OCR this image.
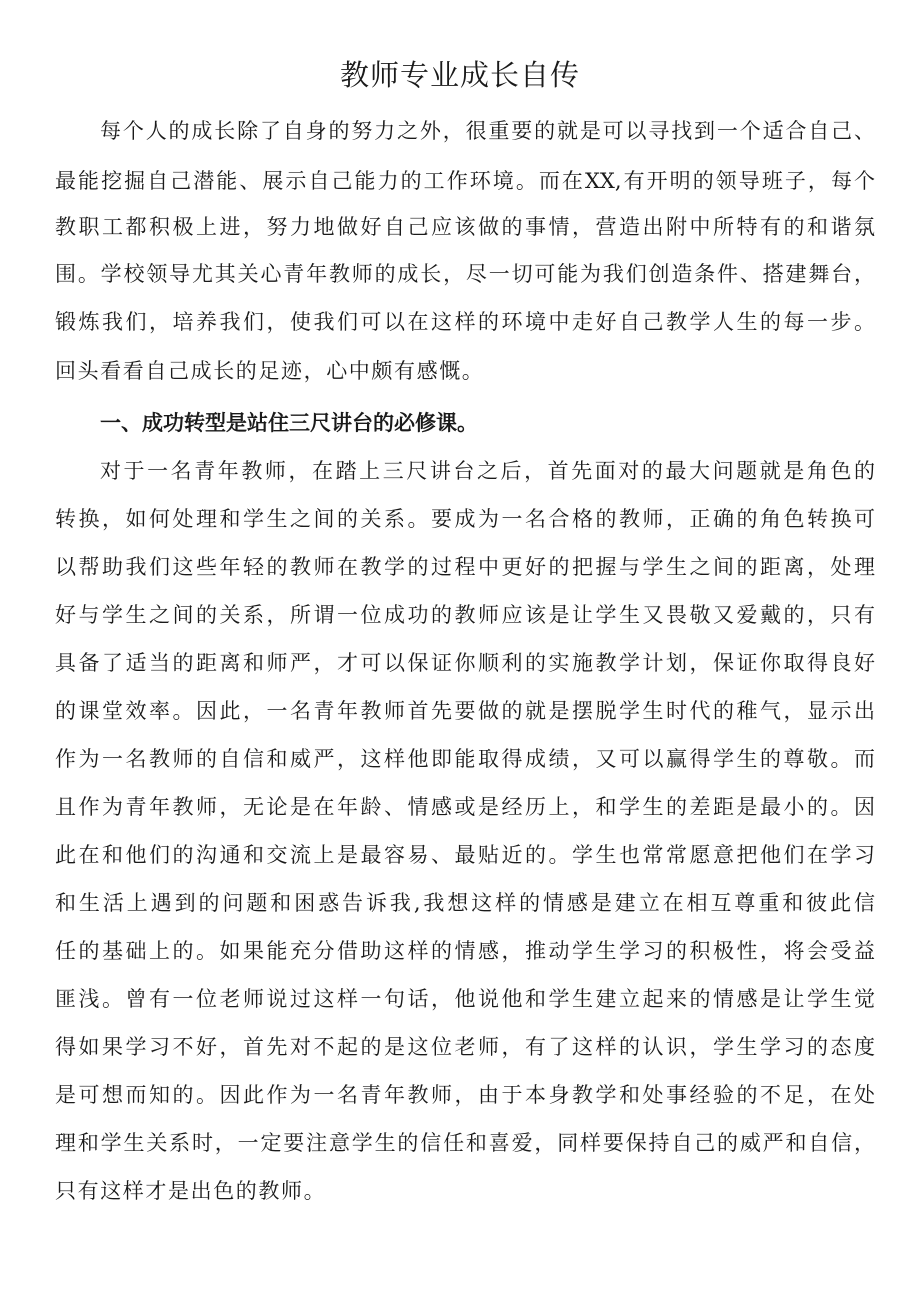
教师专业成长自传
每个人的成长除了自身的努力之外，很重要的就是可以寻找到一个适合自己、
最能挖掘自己潜能、展示自己能力的工作环境。而在XX,有开明的领导班子，每个
教职工都积极上进，努力地做好自己应该做的事情，营造出附中所特有的和谐氛
围。学校领导尤其关心青年教师的成长，尽一切可能为我们创造条件、搭建舞台，
锻炼我们，培养我们，使我们可以在这样的环境中走好自己教学人生的每一步。
回头看看自己成长的足迹，心中颇有感慨。
一、成功转型是站住三尺讲台的必修课。
对于一名青年教师，在踏上三尺讲台之后，首先面对的最大问题就是角色的
转换，如何处理和学生之间的关系。要成为一名合格的教师，正确的角色转换可
以帮助我们这些年轻的教师在教学的过程中更好的把握与学生之间的距离，处理
好与学生之间的关系，所谓一位成功的教师应该是让学生又畏敬又爱戴的，只有
具备了适当的距离和师严，才可以保证你顺利的实施教学计划，保证你取得良好
的课堂效率。因此，一名青年教师首先要做的就是摆脱学生时代的稚气，显示出
作为一名教师的自信和威严，这样他即能取得成绩，又可以赢得学生的尊敬。而
且作为青年教师，无论是在年龄、情感或是经历上，和学生的差距是最小的。因
此在和他们的沟通和交流上是最容易、最贴近的。学生也常常愿意把他们在学习
和生活上遇到的问题和困惑告诉我,我想这样的情感是建立在相互尊重和彼此信
任的基础上的。如果能充分借助这样的情感，推动学生学习的积极性，将会受益
匪浅。曾有一位老师说过这样一句话，他说他和学生建立起来的情感是让学生觉
得如果学习不好，首先对不起的是这位老师，有了这样的认识，学生学习的态度
是可想而知的。因此作为一名青年教师，由于本身教学和处事经验的不足，在处
理和学生关系时，一定要注意学生的信任和喜爱，同样要保持自己的威严和自信，
只有这样才是出色的教师。
